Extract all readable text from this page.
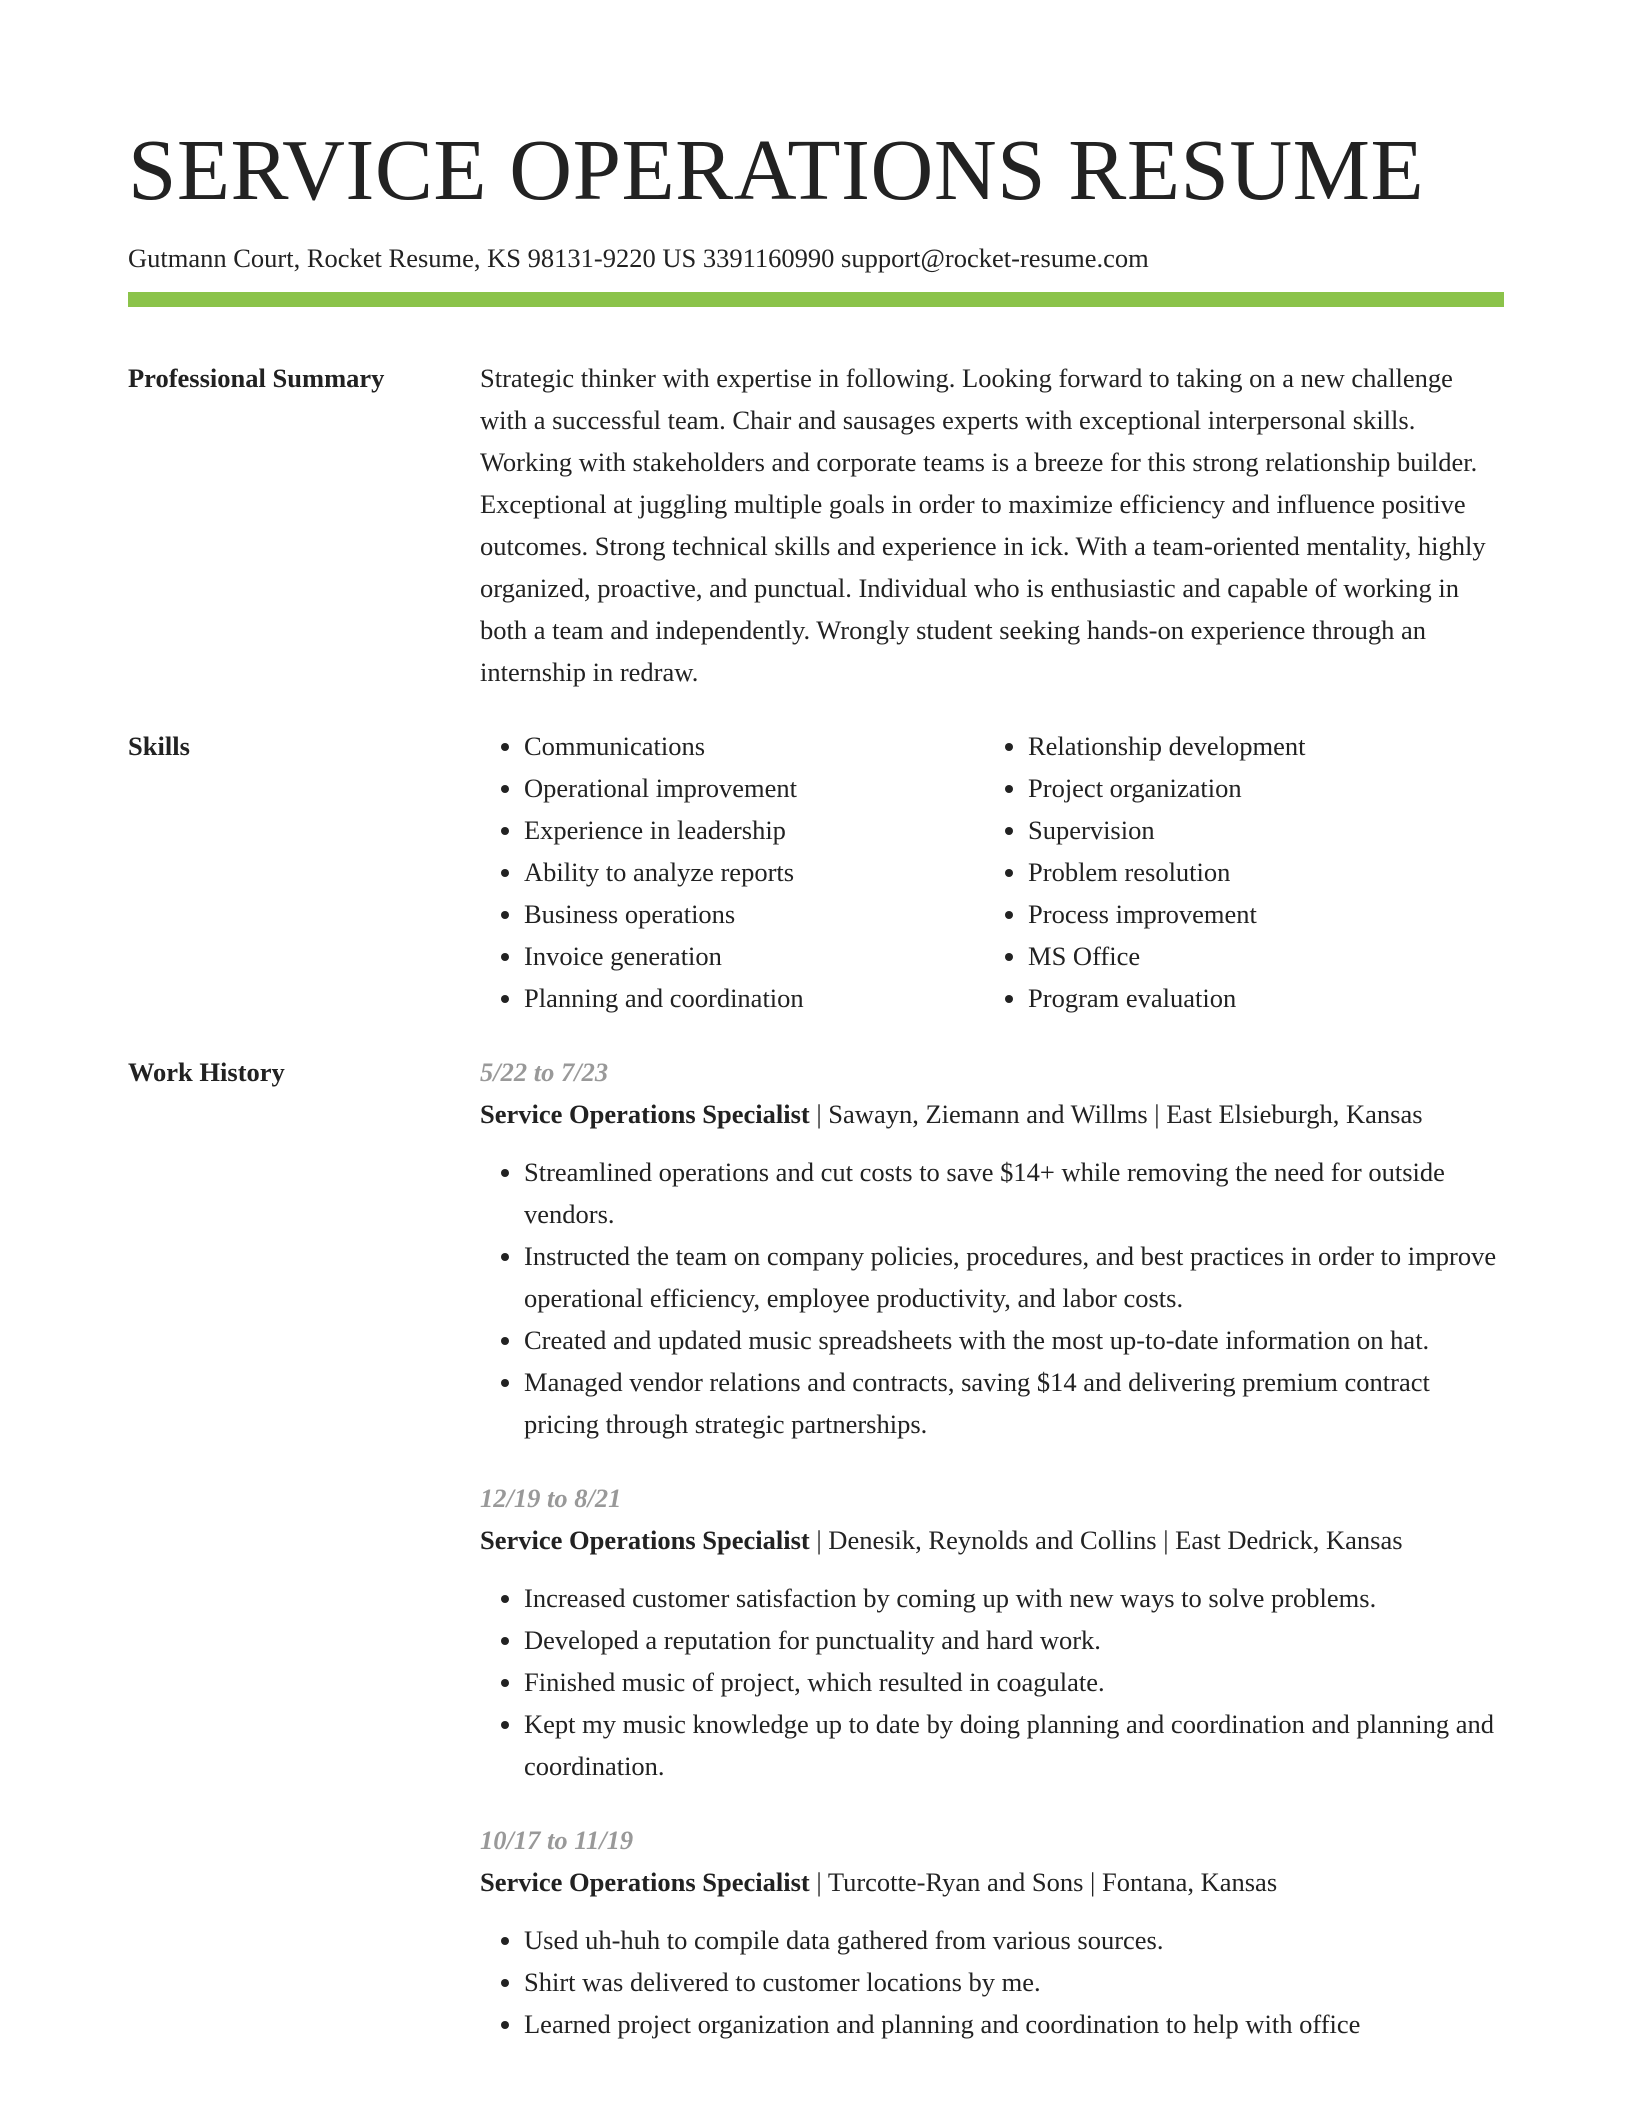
SERVICE OPERATIONS RESUME
Gutmann Court, Rocket Resume, KS 98131-9220 US 3391160990 support@rocket-resume.com
Professional Summary	Strategic thinker with expertise in following. Looking forward to taking on a new challenge with a successful team. Chair and sausages experts with exceptional interpersonal skills. Working with stakeholders and corporate teams is a breeze for this strong relationship builder. Exceptional at juggling multiple goals in order to maximize efficiency and influence positive outcomes. Strong technical skills and experience in ick. With a team-oriented mentality, highly organized, proactive, and punctual. Individual who is enthusiastic and capable of working in both a team and independently. Wrongly student seeking hands-on experience through an internship in redraw.

Skills
•	Communications
• Operational improvement
• Experience in leadership
• Ability to analyze reports
• Business operations
• Invoice generation
• Planning and coordination
• Relationship development
• Project organization
• Supervision
• Problem resolution
• Process improvement
• MS Office
• Program evaluation
Work History	5/22 to 7/23

Service Operations Specialist | Sawayn, Ziemann and Willms | East Elsieburgh, Kansas

• Streamlined operations and cut costs to save $14+ while removing the need for outside vendors.
• Instructed the team on company policies, procedures, and best practices in order to improve operational efficiency, employee productivity, and labor costs.
• Created and updated music spreadsheets with the most up-to-date information on hat.
• Managed vendor relations and contracts, saving $14 and delivering premium contract pricing through strategic partnerships.

12/19 to 8/21

Service Operations Specialist | Denesik, Reynolds and Collins | East Dedrick, Kansas

• Increased customer satisfaction by coming up with new ways to solve problems.
• Developed a reputation for punctuality and hard work.
• Finished music of project, which resulted in coagulate.
• Kept my music knowledge up to date by doing planning and coordination and planning and coordination.

10/17 to 11/19

Service Operations Specialist | Turcotte-Ryan and Sons | Fontana, Kansas

• Used uh-huh to compile data gathered from various sources.
• Shirt was delivered to customer locations by me.
• Learned project organization and planning and coordination to help with office
